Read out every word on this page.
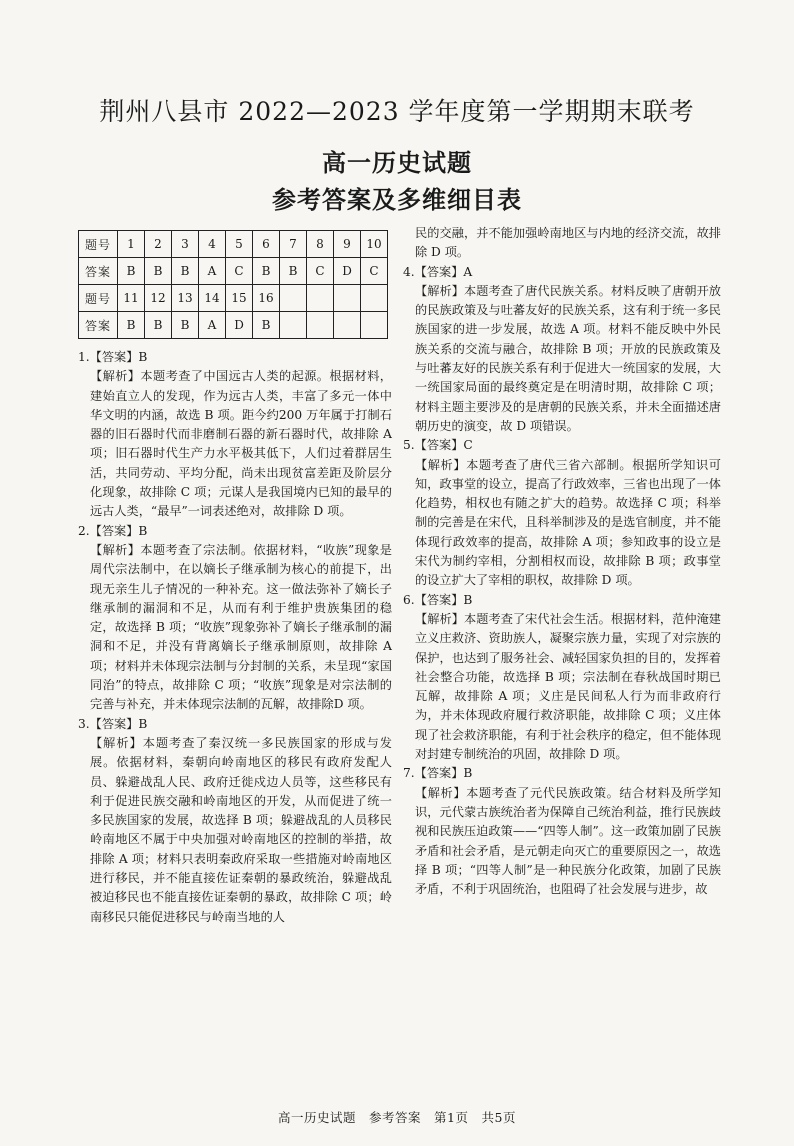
荆州八县市 2022—2023 学年度第一学期期末联考
高一历史试题
参考答案及多维细目表
题号	1	2	3	4	5	6	7	8	9	10
答案	B	B	B	A	C	B	B	C	D	C
题号	11	12	13	14	15	16				
答案	B	B	B	A	D	B				

1.【答案】B

【解析】本题考查了中国远古人类的起源。根据材料，建始直立人的发现，作为远古人类，丰富了多元一体中华文明的内涵，故选 B 项。距今约200 万年属于打制石器的旧石器时代而非磨制石器的新石器时代，故排除 A 项；旧石器时代生产力水平极其低下，人们过着群居生活，共同劳动、平均分配，尚未出现贫富差距及阶层分化现象，故排除 C 项；元谋人是我国境内已知的最早的远古人类，“最早”一词表述绝对，故排除 D 项。

2.【答案】B

【解析】本题考查了宗法制。依据材料，“收族”现象是周代宗法制中，在以嫡长子继承制为核心的前提下，出现无亲生儿子情况的一种补充。这一做法弥补了嫡长子继承制的漏洞和不足，从而有利于维护贵族集团的稳定，故选择 B 项；“收族”现象弥补了嫡长子继承制的漏洞和不足，并没有背离嫡长子继承制原则，故排除 A 项；材料并未体现宗法制与分封制的关系，未呈现“家国同治”的特点，故排除 C 项；“收族”现象是对宗法制的完善与补充，并未体现宗法制的瓦解，故排除D 项。

3.【答案】B

【解析】本题考查了秦汉统一多民族国家的形成与发展。依据材料，秦朝向岭南地区的移民有政府发配人员、躲避战乱人民、政府迁徙戍边人员等，这些移民有利于促进民族交融和岭南地区的开发，从而促进了统一多民族国家的发展，故选择 B 项；躲避战乱的人员移民岭南地区不属于中央加强对岭南地区的控制的举措，故排除 A 项；材料只表明秦政府采取一些措施对岭南地区进行移民，并不能直接佐证秦朝的暴政统治，躲避战乱被迫移民也不能直接佐证秦朝的暴政，故排除 C 项；岭南移民只能促进移民与岭南当地的人

民的交融，并不能加强岭南地区与内地的经济交流，故排除 D 项。

4.【答案】A

【解析】本题考查了唐代民族关系。材料反映了唐朝开放的民族政策及与吐蕃友好的民族关系，这有利于统一多民族国家的进一步发展，故选 A 项。材料不能反映中外民族关系的交流与融合，故排除 B 项；开放的民族政策及与吐蕃友好的民族关系有利于促进大一统国家的发展，大一统国家局面的最终奠定是在明清时期，故排除 C 项；材料主题主要涉及的是唐朝的民族关系，并未全面描述唐朝历史的演变，故 D 项错误。

5.【答案】C

【解析】本题考查了唐代三省六部制。根据所学知识可知，政事堂的设立，提高了行政效率，三省也出现了一体化趋势，相权也有随之扩大的趋势。故选择 C 项；科举制的完善是在宋代，且科举制涉及的是选官制度，并不能体现行政效率的提高，故排除 A 项；参知政事的设立是宋代为制约宰相，分割相权而设，故排除 B 项；政事堂的设立扩大了宰相的职权，故排除 D 项。

6.【答案】B

【解析】本题考查了宋代社会生活。根据材料，范仲淹建立义庄救济、资助族人，凝聚宗族力量，实现了对宗族的保护，也达到了服务社会、减轻国家负担的目的，发挥着社会整合功能，故选择 B 项；宗法制在春秋战国时期已瓦解，故排除 A 项；义庄是民间私人行为而非政府行为，并未体现政府履行救济职能，故排除 C 项；义庄体现了社会救济职能，有利于社会秩序的稳定，但不能体现对封建专制统治的巩固，故排除 D 项。

7.【答案】B

【解析】本题考查了元代民族政策。结合材料及所学知识，元代蒙古族统治者为保障自己统治利益，推行民族歧视和民族压迫政策——“四等人制”。这一政策加剧了民族矛盾和社会矛盾，是元朝走向灭亡的重要原因之一，故选择 B 项；“四等人制”是一种民族分化政策，加剧了民族矛盾，不利于巩固统治，也阻碍了社会发展与进步，故

高一历史试题　参考答案　第1页　共5页
